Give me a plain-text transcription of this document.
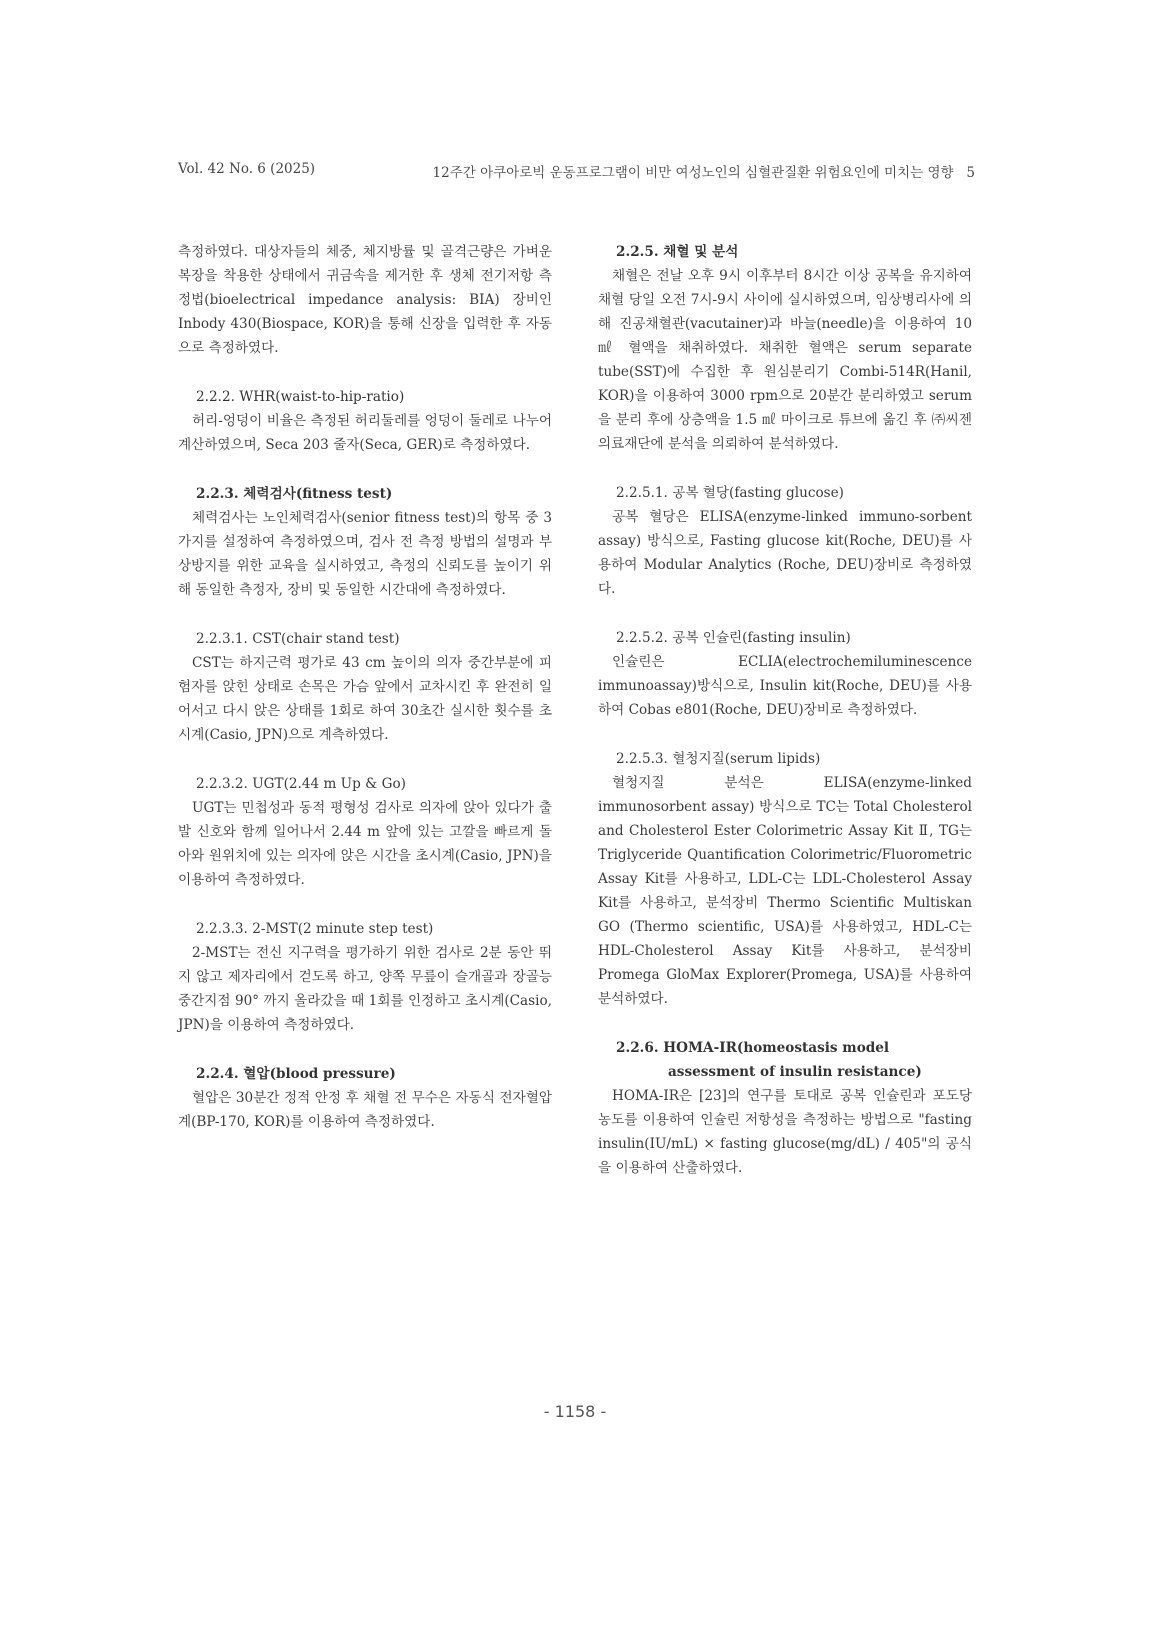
Vol. 42 No. 6 (2025)	12주간 아쿠아로빅 운동프로그램이 비만 여성노인의 심혈관질환 위험요인에 미치는 영향 5

측정하였다. 대상자들의 체중, 체지방률 및 골격근량은 가벼운 복장을 착용한 상태에서 귀금속을 제거한 후 생체 전기저항 측정법(bioelectrical impedance analysis: BIA) 장비인 Inbody 430(Biospace, KOR)을 통해 신장을 입력한 후 자동으로 측정하였다.

2.2.2. WHR(waist-to-hip-ratio)

허리-엉덩이 비율은 측정된 허리둘레를 엉덩이 둘레로 나누어 계산하였으며, Seca 203 줄자(Seca, GER)로 측정하였다.

2.2.3. 체력검사(fitness test)

체력검사는 노인체력검사(senior fitness test)의 항목 중 3가지를 설정하여 측정하였으며, 검사 전 측정 방법의 설명과 부상방지를 위한 교육을 실시하였고, 측정의 신뢰도를 높이기 위해 동일한 측정자, 장비 및 동일한 시간대에 측정하였다.

2.2.3.1. CST(chair stand test)

CST는 하지근력 평가로 43 cm 높이의 의자 중간부분에 피험자를 앉힌 상태로 손목은 가슴 앞에서 교차시킨 후 완전히 일어서고 다시 앉은 상태를 1회로 하여 30초간 실시한 횟수를 초시계(Casio, JPN)으로 계측하였다.

2.2.3.2. UGT(2.44 m Up & Go)

UGT는 민첩성과 동적 평형성 검사로 의자에 앉아 있다가 출발 신호와 함께 일어나서 2.44 m 앞에 있는 고깔을 빠르게 돌아와 원위치에 있는 의자에 앉은 시간을 초시계(Casio, JPN)을 이용하여 측정하였다.

2.2.3.3. 2-MST(2 minute step test)

2-MST는 전신 지구력을 평가하기 위한 검사로 2분 동안 뛰지 않고 제자리에서 걷도록 하고, 양쪽 무릎이 슬개골과 장골능 중간지점 90° 까지 올라갔을 때 1회를 인정하고 초시계(Casio, JPN)을 이용하여 측정하였다.

2.2.4. 혈압(blood pressure)

혈압은 30분간 정적 안정 후 채혈 전 무수은 자동식 전자혈압계(BP-170, KOR)를 이용하여 측정하였다.

2.2.5. 채혈 및 분석

채혈은 전날 오후 9시 이후부터 8시간 이상 공복을 유지하여 채혈 당일 오전 7시-9시 사이에 실시하였으며, 임상병리사에 의해 진공채혈관(vacutainer)과 바늘(needle)을 이용하여 10 ㎖ 혈액을 채취하였다. 채취한 혈액은 serum separate tube(SST)에 수집한 후 원심분리기 Combi-514R(Hanil, KOR)을 이용하여 3000 rpm으로 20분간 분리하였고 serum을 분리 후에 상층액을 1.5 ㎖ 마이크로 튜브에 옮긴 후 ㈜씨젠의료재단에 분석을 의뢰하여 분석하였다.

2.2.5.1. 공복 혈당(fasting glucose)

공복 혈당은 ELISA(enzyme-linked immuno-sorbent assay) 방식으로, Fasting glucose kit(Roche, DEU)를 사용하여 Modular Analytics (Roche, DEU)장비로 측정하였다.

2.2.5.2. 공복 인슐린(fasting insulin)

인슐린은 ECLIA(electrochemiluminescence immunoassay)방식으로, Insulin kit(Roche, DEU)를 사용하여 Cobas e801(Roche, DEU)장비로 측정하였다.

2.2.5.3. 혈청지질(serum lipids)

혈청지질 분석은 ELISA(enzyme-linked immunosorbent assay) 방식으로 TC는 Total Cholesterol and Cholesterol Ester Colorimetric Assay Kit Ⅱ, TG는 Triglyceride Quantification Colorimetric/Fluorometric Assay Kit를 사용하고, LDL-C는 LDL-Cholesterol Assay Kit를 사용하고, 분석장비 Thermo Scientific Multiskan GO (Thermo scientific, USA)를 사용하였고, HDL-C는 HDL-Cholesterol Assay Kit를 사용하고, 분석장비 Promega GloMax Explorer(Promega, USA)를 사용하여 분석하였다.

2.2.6. HOMA-IR(homeostasis model
assessment of insulin resistance)

HOMA-IR은 [23]의 연구를 토대로 공복 인슐린과 포도당 농도를 이용하여 인슐린 저항성을 측정하는 방법으로 "fasting insulin(IU/mL) × fasting glucose(mg/dL) / 405"의 공식을 이용하여 산출하였다.

- 1158 -
